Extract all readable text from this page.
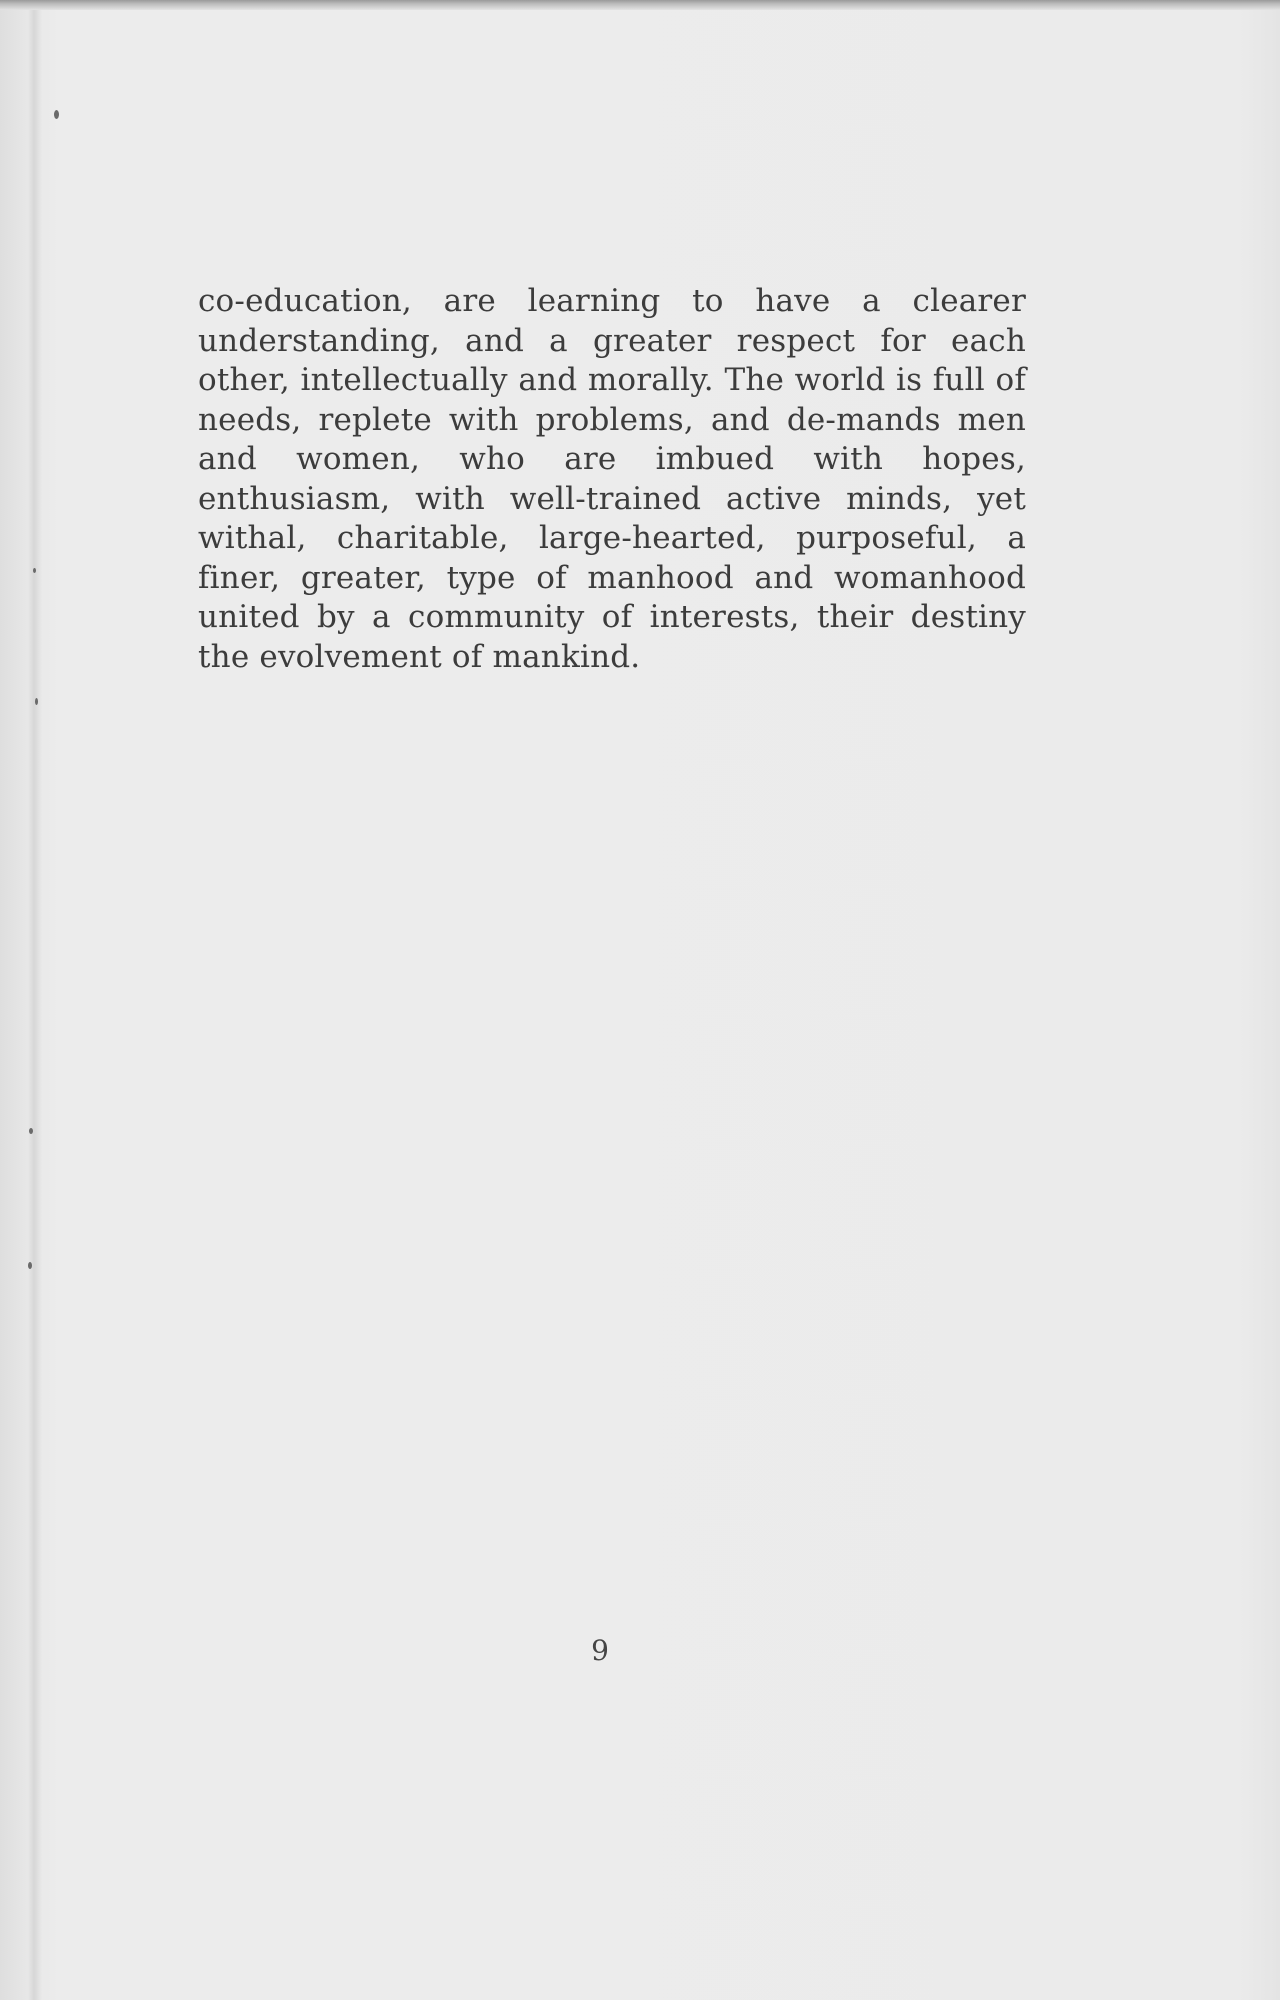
co-education, are learning to have a clearer understanding, and a greater respect for each other, intellectually and morally. The world is full of needs, replete with problems, and de-mands men and women, who are imbued with hopes, enthusiasm, with well-trained active minds, yet withal, charitable, large-hearted, purposeful, a finer, greater, type of manhood and womanhood united by a community of interests, their destiny the evolvement of mankind.

9
